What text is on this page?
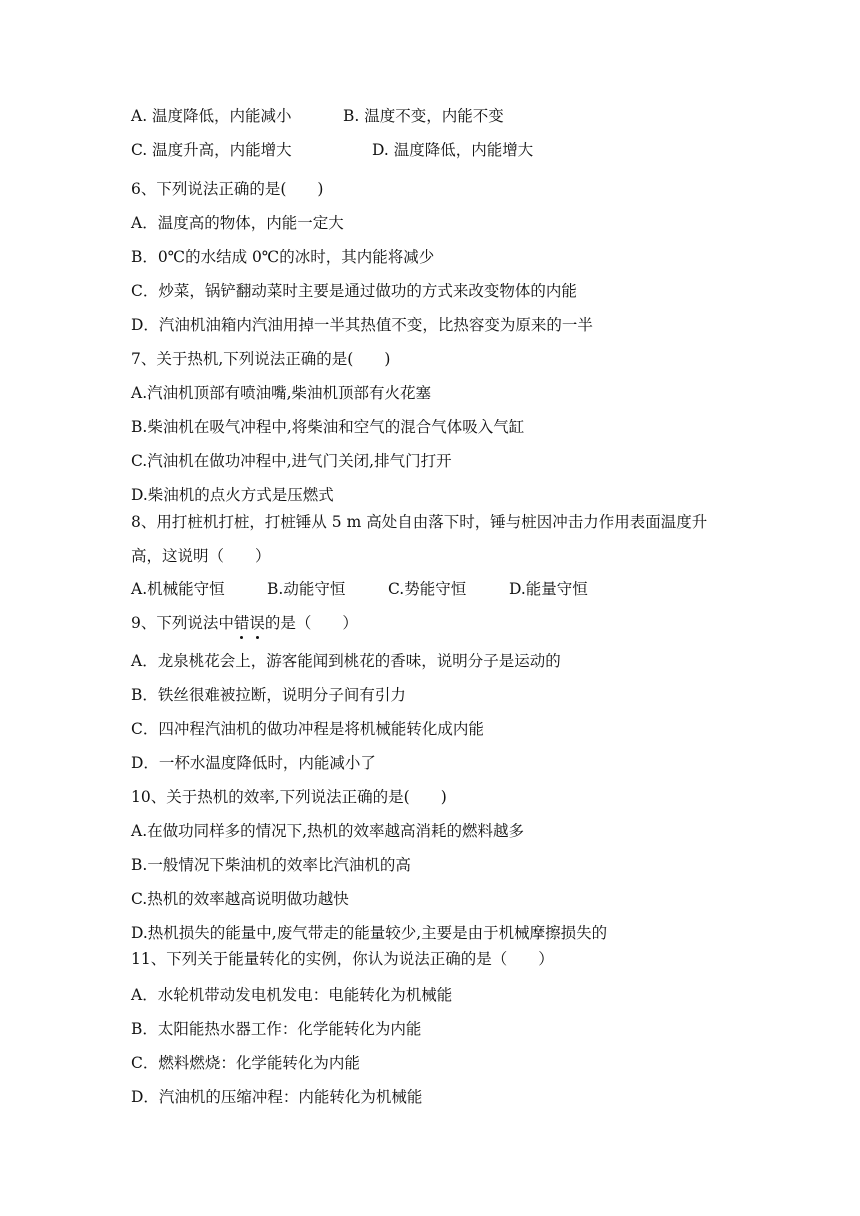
A. 温度降低，内能减小	B. 温度不变，内能不变
C. 温度升高，内能增大	D. 温度降低，内能增大
6、下列说法正确的是(　　)
A．温度高的物体，内能一定大
B．0℃的水结成 0℃的冰时，其内能将减少
C．炒菜，锅铲翻动菜时主要是通过做功的方式来改变物体的内能
D．汽油机油箱内汽油用掉一半其热值不变，比热容变为原来的一半
7、关于热机,下列说法正确的是(　　)
A.汽油机顶部有喷油嘴,柴油机顶部有火花塞
B.柴油机在吸气冲程中,将柴油和空气的混合气体吸入气缸
C.汽油机在做功冲程中,进气门关闭,排气门打开
D.柴油机的点火方式是压燃式
8、用打桩机打桩，打桩锤从 5 m 高处自由落下时，锤与桩因冲击力作用表面温度升高，这说明（　　）
A.机械能守恒	B.动能守恒	C.势能守恒	D.能量守恒
9、下列说法中错误的是（　　）
A．龙泉桃花会上，游客能闻到桃花的香味，说明分子是运动的
B．铁丝很难被拉断，说明分子间有引力
C．四冲程汽油机的做功冲程是将机械能转化成内能
D．一杯水温度降低时，内能减小了
10、关于热机的效率,下列说法正确的是(　　)
A.在做功同样多的情况下,热机的效率越高消耗的燃料越多
B.一般情况下柴油机的效率比汽油机的高
C.热机的效率越高说明做功越快
D.热机损失的能量中,废气带走的能量较少,主要是由于机械摩擦损失的
11、下列关于能量转化的实例，你认为说法正确的是（　　）
A．水轮机带动发电机发电：电能转化为机械能
B．太阳能热水器工作：化学能转化为内能
C．燃料燃烧：化学能转化为内能
D．汽油机的压缩冲程：内能转化为机械能
